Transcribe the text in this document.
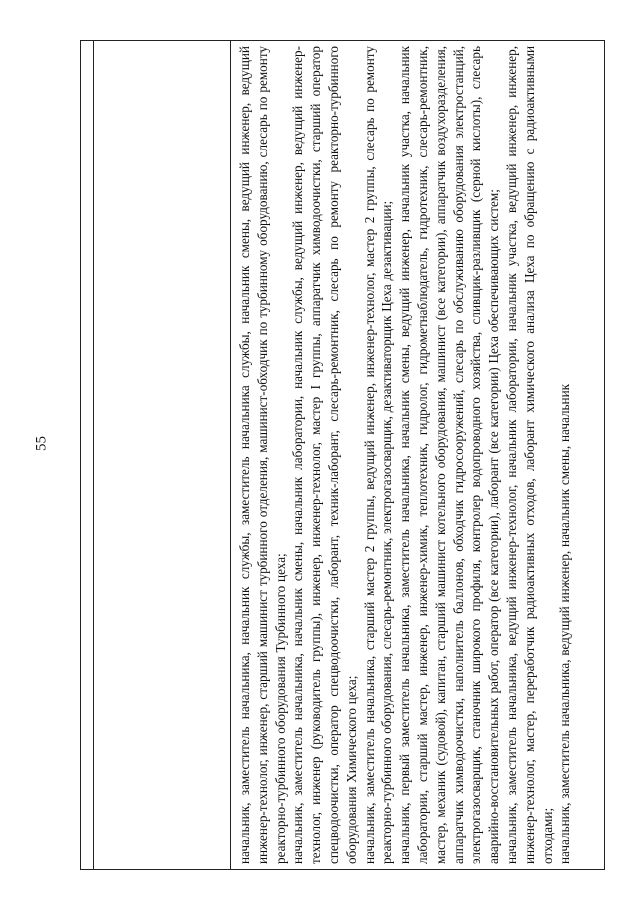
55	начальник, заместитель начальника, начальник службы, заместитель начальника службы, начальник смены, ведущий инженер, ведущий инженер-технолог, инженер, старший машинист турбинного отделения, машинист-обходчик по турбинному оборудованию, слесарь по ремонту реакторно-турбинного оборудования Турбинного цеха; начальник, заместитель начальника, начальник смены, начальник лаборатории, начальник службы, ведущий инженер, ведущий инженер-технолог, инженер (руководитель группы), инженер, инженер-технолог, мастер I группы, аппаратчик химводоочистки, старший оператор спецводоочистки, оператор спецводоочистки, лаборант, техник-лаборант, слесарь-ремонтник, слесарь по ремонту реакторно-турбинного оборудования Химического цеха; начальник, заместитель начальника, старший мастер 2 группы, ведущий инженер, инженер-технолог, мастер 2 группы, слесарь по ремонту реакторно-турбинного оборудования, слесарь-ремонтник, электрогазосварщик, дезактиваторщик Цеха дезактивации; начальник, первый заместитель начальника, заместитель начальника, начальник смены, ведущий инженер, начальник участка, начальник лаборатории, старший мастер, инженер, инженер-химик, теплотехник, гидролог, гидрометнаблюдатель, гидротехник, слесарь-ремонтник, мастер, механик (судовой), капитан, старший машинист котельного оборудования, машинист (все категории), аппаратчик воздухоразделения, аппаратчик химводоочистки, наполнитель баллонов, обходчик гидросооружений, слесарь по обслуживанию оборудования электростанций, электрогазосварщик, станочник широкого профиля, контролер водопроводного хозяйства, сливщик-разливщик (серной кислоты), слесарь аварийно-восстановительных работ, оператор (все категории), лаборант (все категории) Цеха обеспечивающих систем; начальник, заместитель начальника, ведущий инженер-технолог, начальник лаборатории, начальник участка, ведущий инженер, инженер, инженер-технолог, мастер, переработчик радиоактивных отходов, лаборант химического анализа Цеха по обращению с радиоактивными отходами; начальник, заместитель начальника, ведущий инженер, начальник смены, начальник
